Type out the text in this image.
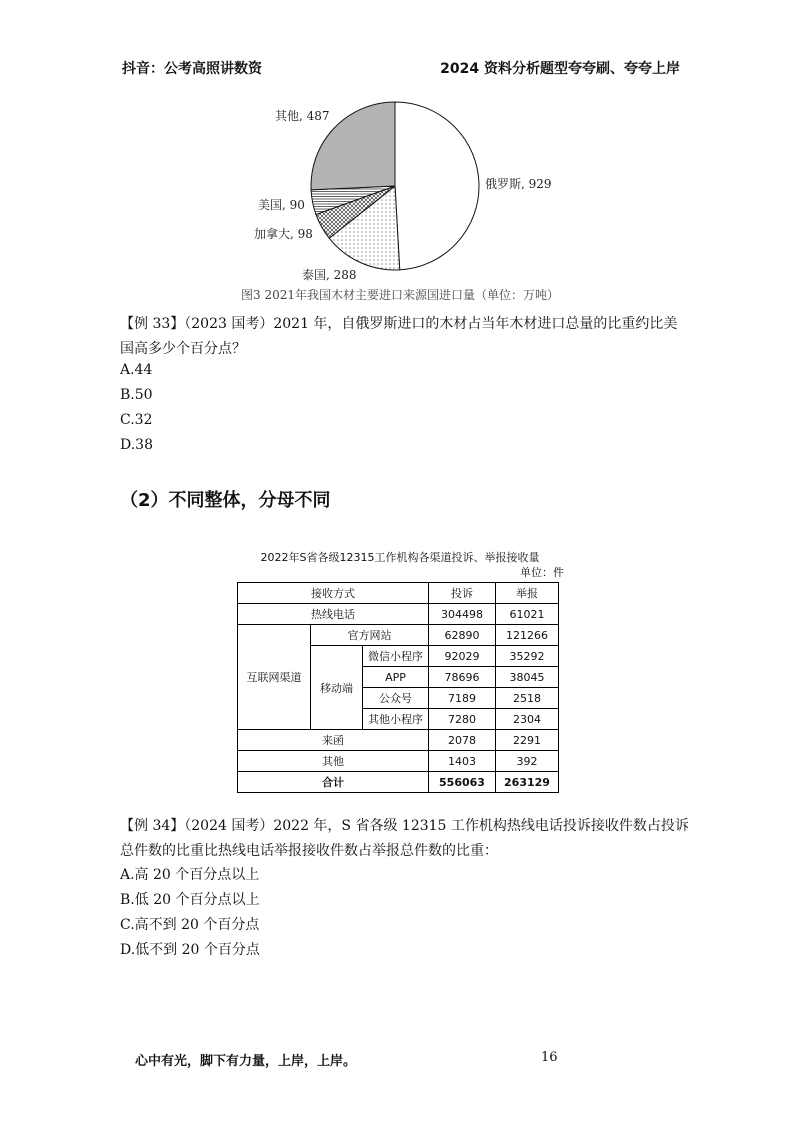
抖音：公考高照讲数资	2024 资料分析题型夸夸刷、夸夸上岸
俄罗斯, 929
泰国, 288
加拿大, 98
美国, 90
其他, 487
图3 2021年我国木材主要进口来源国进口量（单位：万吨）
【例 33】（2023 国考）2021 年，自俄罗斯进口的木材占当年木材进口总量的比重约比美国高多少个百分点？
A.44
B.50
C.32
D.38
（2）不同整体，分母不同
2022年S省各级12315工作机构各渠道投诉、举报接收量
单位：件
接收方式			投诉	举报
热线电话			304498	61021
互联网渠道	官方网站		62890	121266
	移动端	微信小程序	92029	35292
		APP	78696	38045
		公众号	7189	2518
		其他小程序	7280	2304
来函			2078	2291
其他			1403	392
合计			556063	263129
【例 34】（2024 国考）2022 年，S 省各级 12315 工作机构热线电话投诉接收件数占投诉总件数的比重比热线电话举报接收件数占举报总件数的比重：
A.高 20 个百分点以上
B.低 20 个百分点以上
C.高不到 20 个百分点
D.低不到 20 个百分点
心中有光，脚下有力量，上岸，上岸。	16
